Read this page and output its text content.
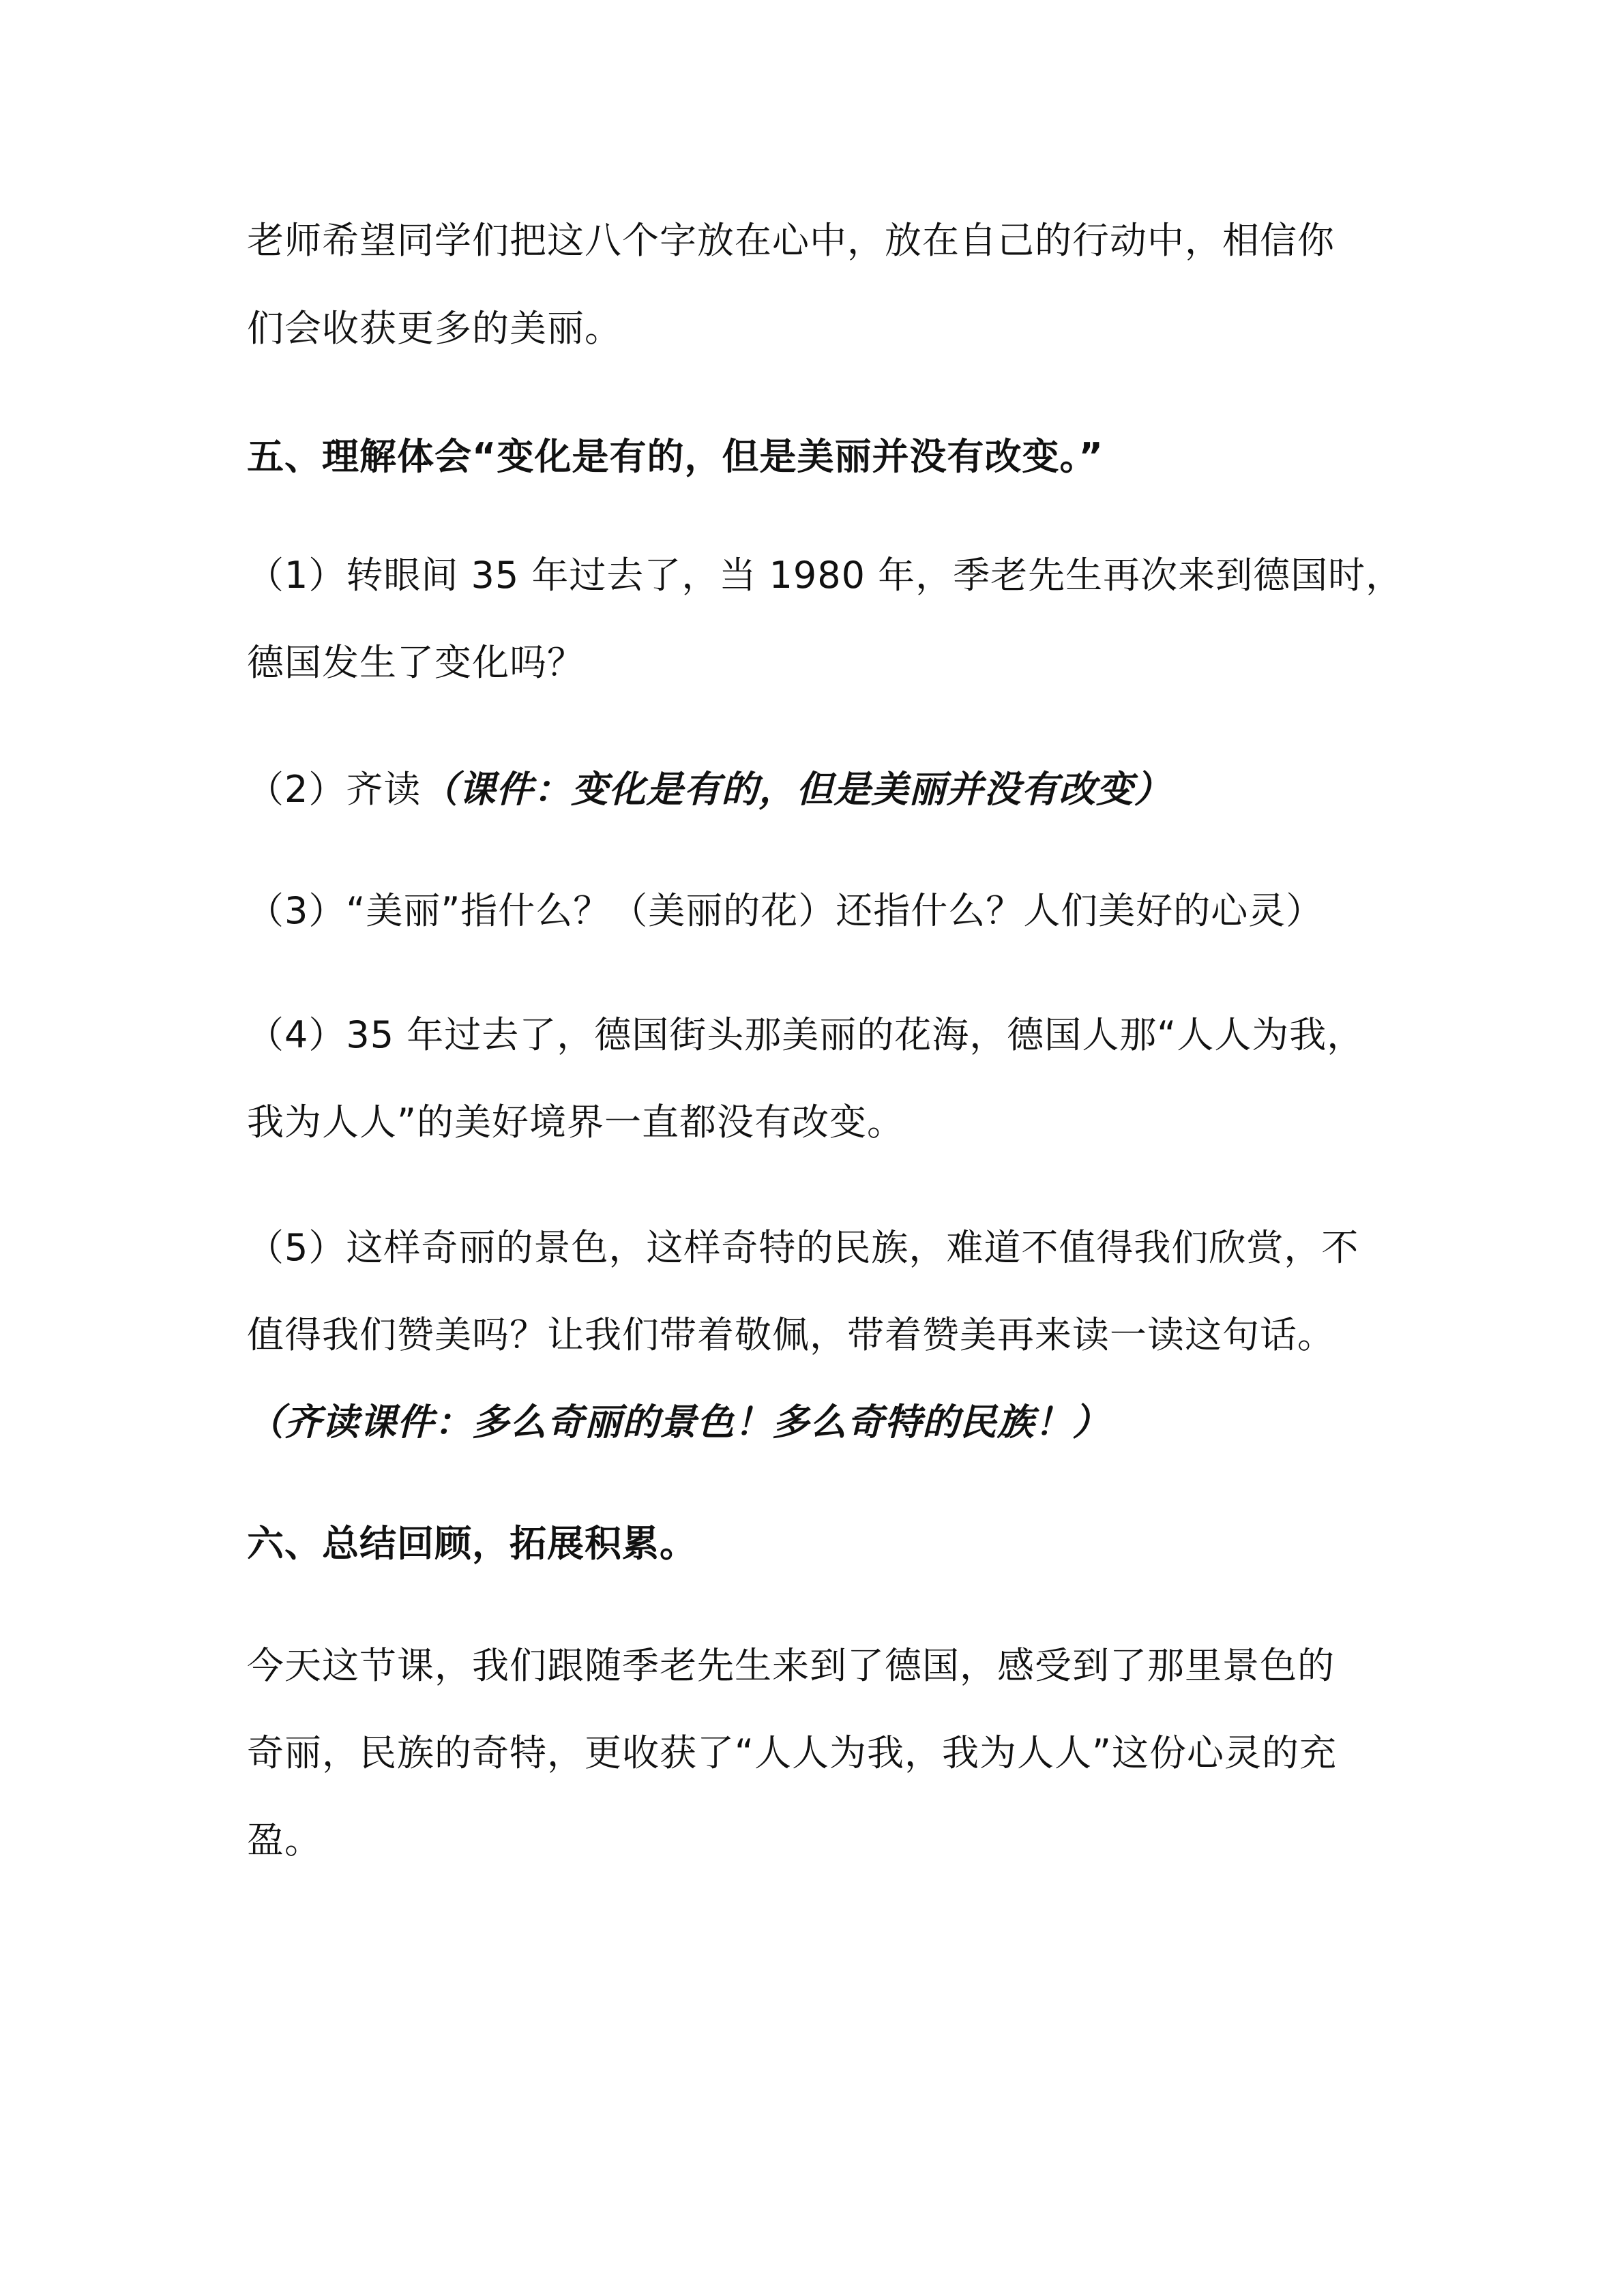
老师希望同学们把这八个字放在心中，放在自己的行动中，相信你
们会收获更多的美丽。
五、理解体会“变化是有的，但是美丽并没有改变。”
（1）转眼间 35 年过去了，当 1980 年，季老先生再次来到德国时，
德国发生了变化吗？
（2）齐读（课件：变化是有的，但是美丽并没有改变）
（3）“美丽”指什么？（美丽的花）还指什么？人们美好的心灵）
（4）35 年过去了，德国街头那美丽的花海，德国人那“人人为我，
我为人人”的美好境界一直都没有改变。
（5）这样奇丽的景色，这样奇特的民族，难道不值得我们欣赏，不
值得我们赞美吗？让我们带着敬佩，带着赞美再来读一读这句话。
（齐读课件：多么奇丽的景色！多么奇特的民族！）
六、总结回顾，拓展积累。
今天这节课，我们跟随季老先生来到了德国，感受到了那里景色的
奇丽，民族的奇特，更收获了“人人为我，我为人人”这份心灵的充
盈。
